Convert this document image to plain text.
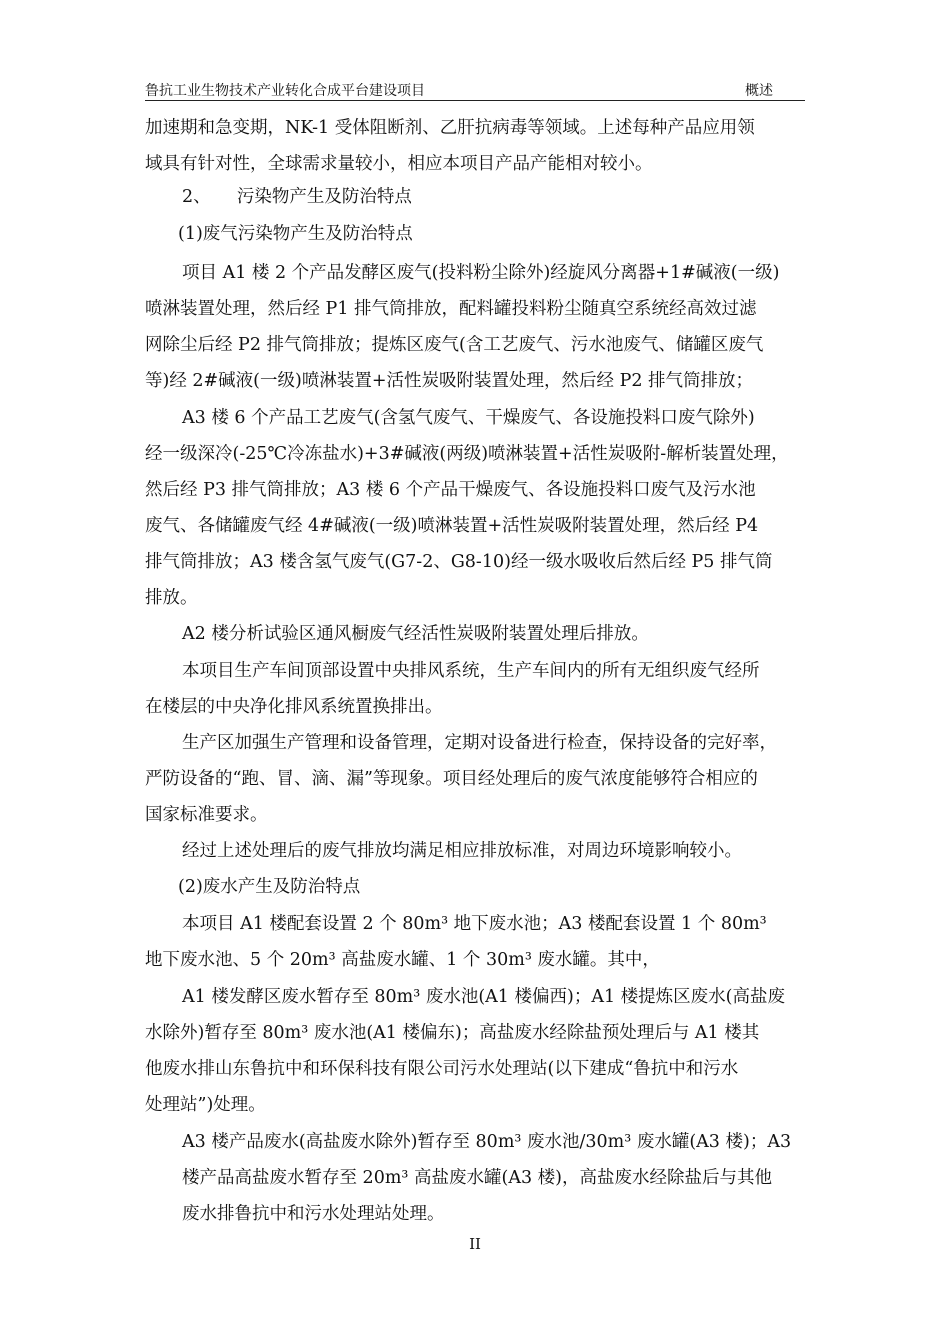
鲁抗工业生物技术产业转化合成平台建设项目	概述
加速期和急变期，NK-1 受体阻断剂、乙肝抗病毒等领域。上述每种产品应用领
域具有针对性，全球需求量较小，相应本项目产品产能相对较小。
2、　　污染物产生及防治特点
(1)废气污染物产生及防治特点
项目 A1 楼 2 个产品发酵区废气(投料粉尘除外)经旋风分离器+1#碱液(一级)
喷淋装置处理，然后经 P1 排气筒排放，配料罐投料粉尘随真空系统经高效过滤
网除尘后经 P2 排气筒排放；提炼区废气(含工艺废气、污水池废气、储罐区废气
等)经 2#碱液(一级)喷淋装置+活性炭吸附装置处理，然后经 P2 排气筒排放；
A3 楼 6 个产品工艺废气(含氢气废气、干燥废气、各设施投料口废气除外)
经一级深冷(-25℃冷冻盐水)+3#碱液(两级)喷淋装置+活性炭吸附-解析装置处理，
然后经 P3 排气筒排放；A3 楼 6 个产品干燥废气、各设施投料口废气及污水池
废气、各储罐废气经 4#碱液(一级)喷淋装置+活性炭吸附装置处理，然后经 P4
排气筒排放；A3 楼含氢气废气(G7-2、G8-10)经一级水吸收后然后经 P5 排气筒
排放。
A2 楼分析试验区通风橱废气经活性炭吸附装置处理后排放。
本项目生产车间顶部设置中央排风系统，生产车间内的所有无组织废气经所
在楼层的中央净化排风系统置换排出。
生产区加强生产管理和设备管理，定期对设备进行检查，保持设备的完好率，
严防设备的“跑、冒、滴、漏”等现象。项目经处理后的废气浓度能够符合相应的
国家标准要求。
经过上述处理后的废气排放均满足相应排放标准，对周边环境影响较小。
(2)废水产生及防治特点
本项目 A1 楼配套设置 2 个 80m³ 地下废水池；A3 楼配套设置 1 个 80m³
地下废水池、5 个 20m³ 高盐废水罐、1 个 30m³ 废水罐。其中，
A1 楼发酵区废水暂存至 80m³ 废水池(A1 楼偏西)；A1 楼提炼区废水(高盐废
水除外)暂存至 80m³ 废水池(A1 楼偏东)；高盐废水经除盐预处理后与 A1 楼其
他废水排山东鲁抗中和环保科技有限公司污水处理站(以下建成“鲁抗中和污水
处理站”)处理。
A3 楼产品废水(高盐废水除外)暂存至 80m³ 废水池/30m³ 废水罐(A3 楼)；A3
楼产品高盐废水暂存至 20m³ 高盐废水罐(A3 楼)，高盐废水经除盐后与其他
废水排鲁抗中和污水处理站处理。
II
